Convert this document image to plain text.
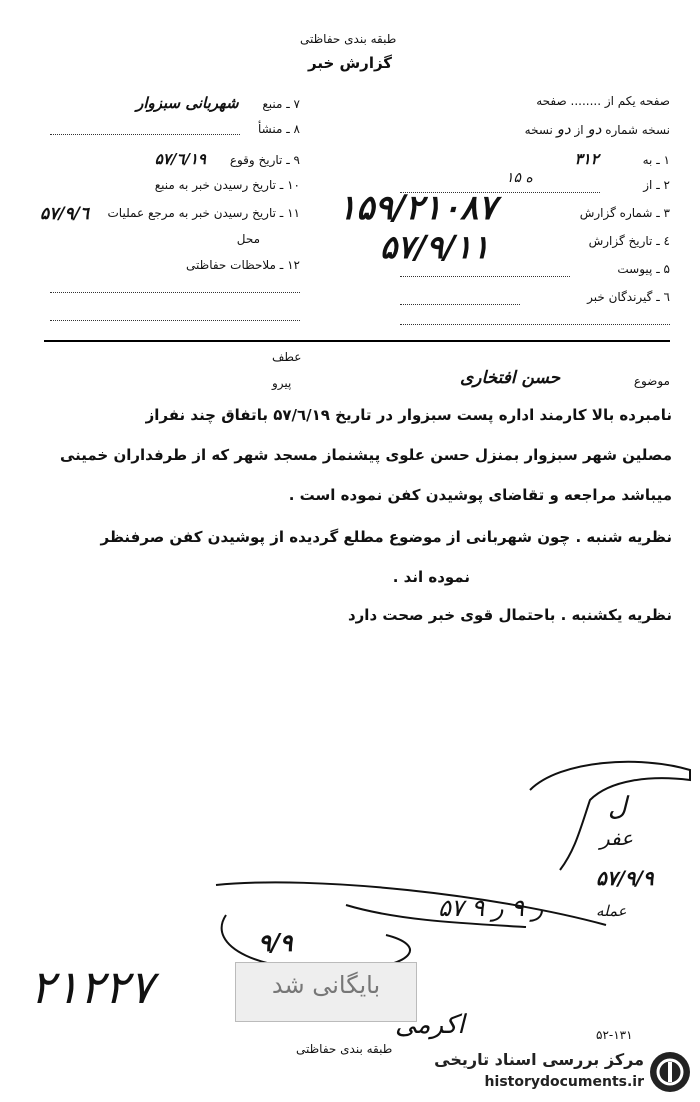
طبقه بندی حفاظتی
گزارش خبر
صفحه یکم از ........ صفحه
نسخه شماره دو از دو نسخه
۱ ـ به ۳۱۲
۲ ـ از
۳ ـ شماره گزارش
٤ ـ تاریخ گزارش
۵ ـ پیوست
٦ ـ گیرندگان خبر
۱۵۹/۲۱۰۸۷
۱۵ ه
۵۷/۹/۱۱
۷ ـ منبع شهربانی سبزوار
۸ ـ منشأ
۹ ـ تاریخ وقوع ۵۷/٦/۱۹
۱۰ ـ تاریخ رسیدن خبر به منبع
۱۱ ـ تاریخ رسیدن خبر به مرجع عملیات
۵۷/۹/٦
محل
۱۲ ـ ملاحظات حفاظتی
عطف
پیرو	موضوع
حسن افتخاری
نامبرده بالا کارمند اداره پست سبزوار در تاریخ ۵۷/٦/۱۹ باتفاق چند نفراز
مصلین شهر سبزوار بمنزل حسن علوی پیشنماز مسجد شهر که از طرفداران خمینی
میباشد مراجعه و تقاضای پوشیدن کفن نموده است .
نظریه شنبه . چون شهربانی از موضوع مطلع گردیده از پوشیدن کفن صرفنظر
نموده اند .
نظریه یکشنبه . باحتمال قوی خبر صحت دارد
ل
عفر
۵۷/۹/۹
عمله
۵۷ ر ۹ ر ۹
۹/۹
۲۱۲۲۷	بایگانی شد
اکرمی
طبقه بندی حفاظتی
۵۲-۱۳۱
مرکز بررسی اسناد تاریخی
historydocuments.ir
